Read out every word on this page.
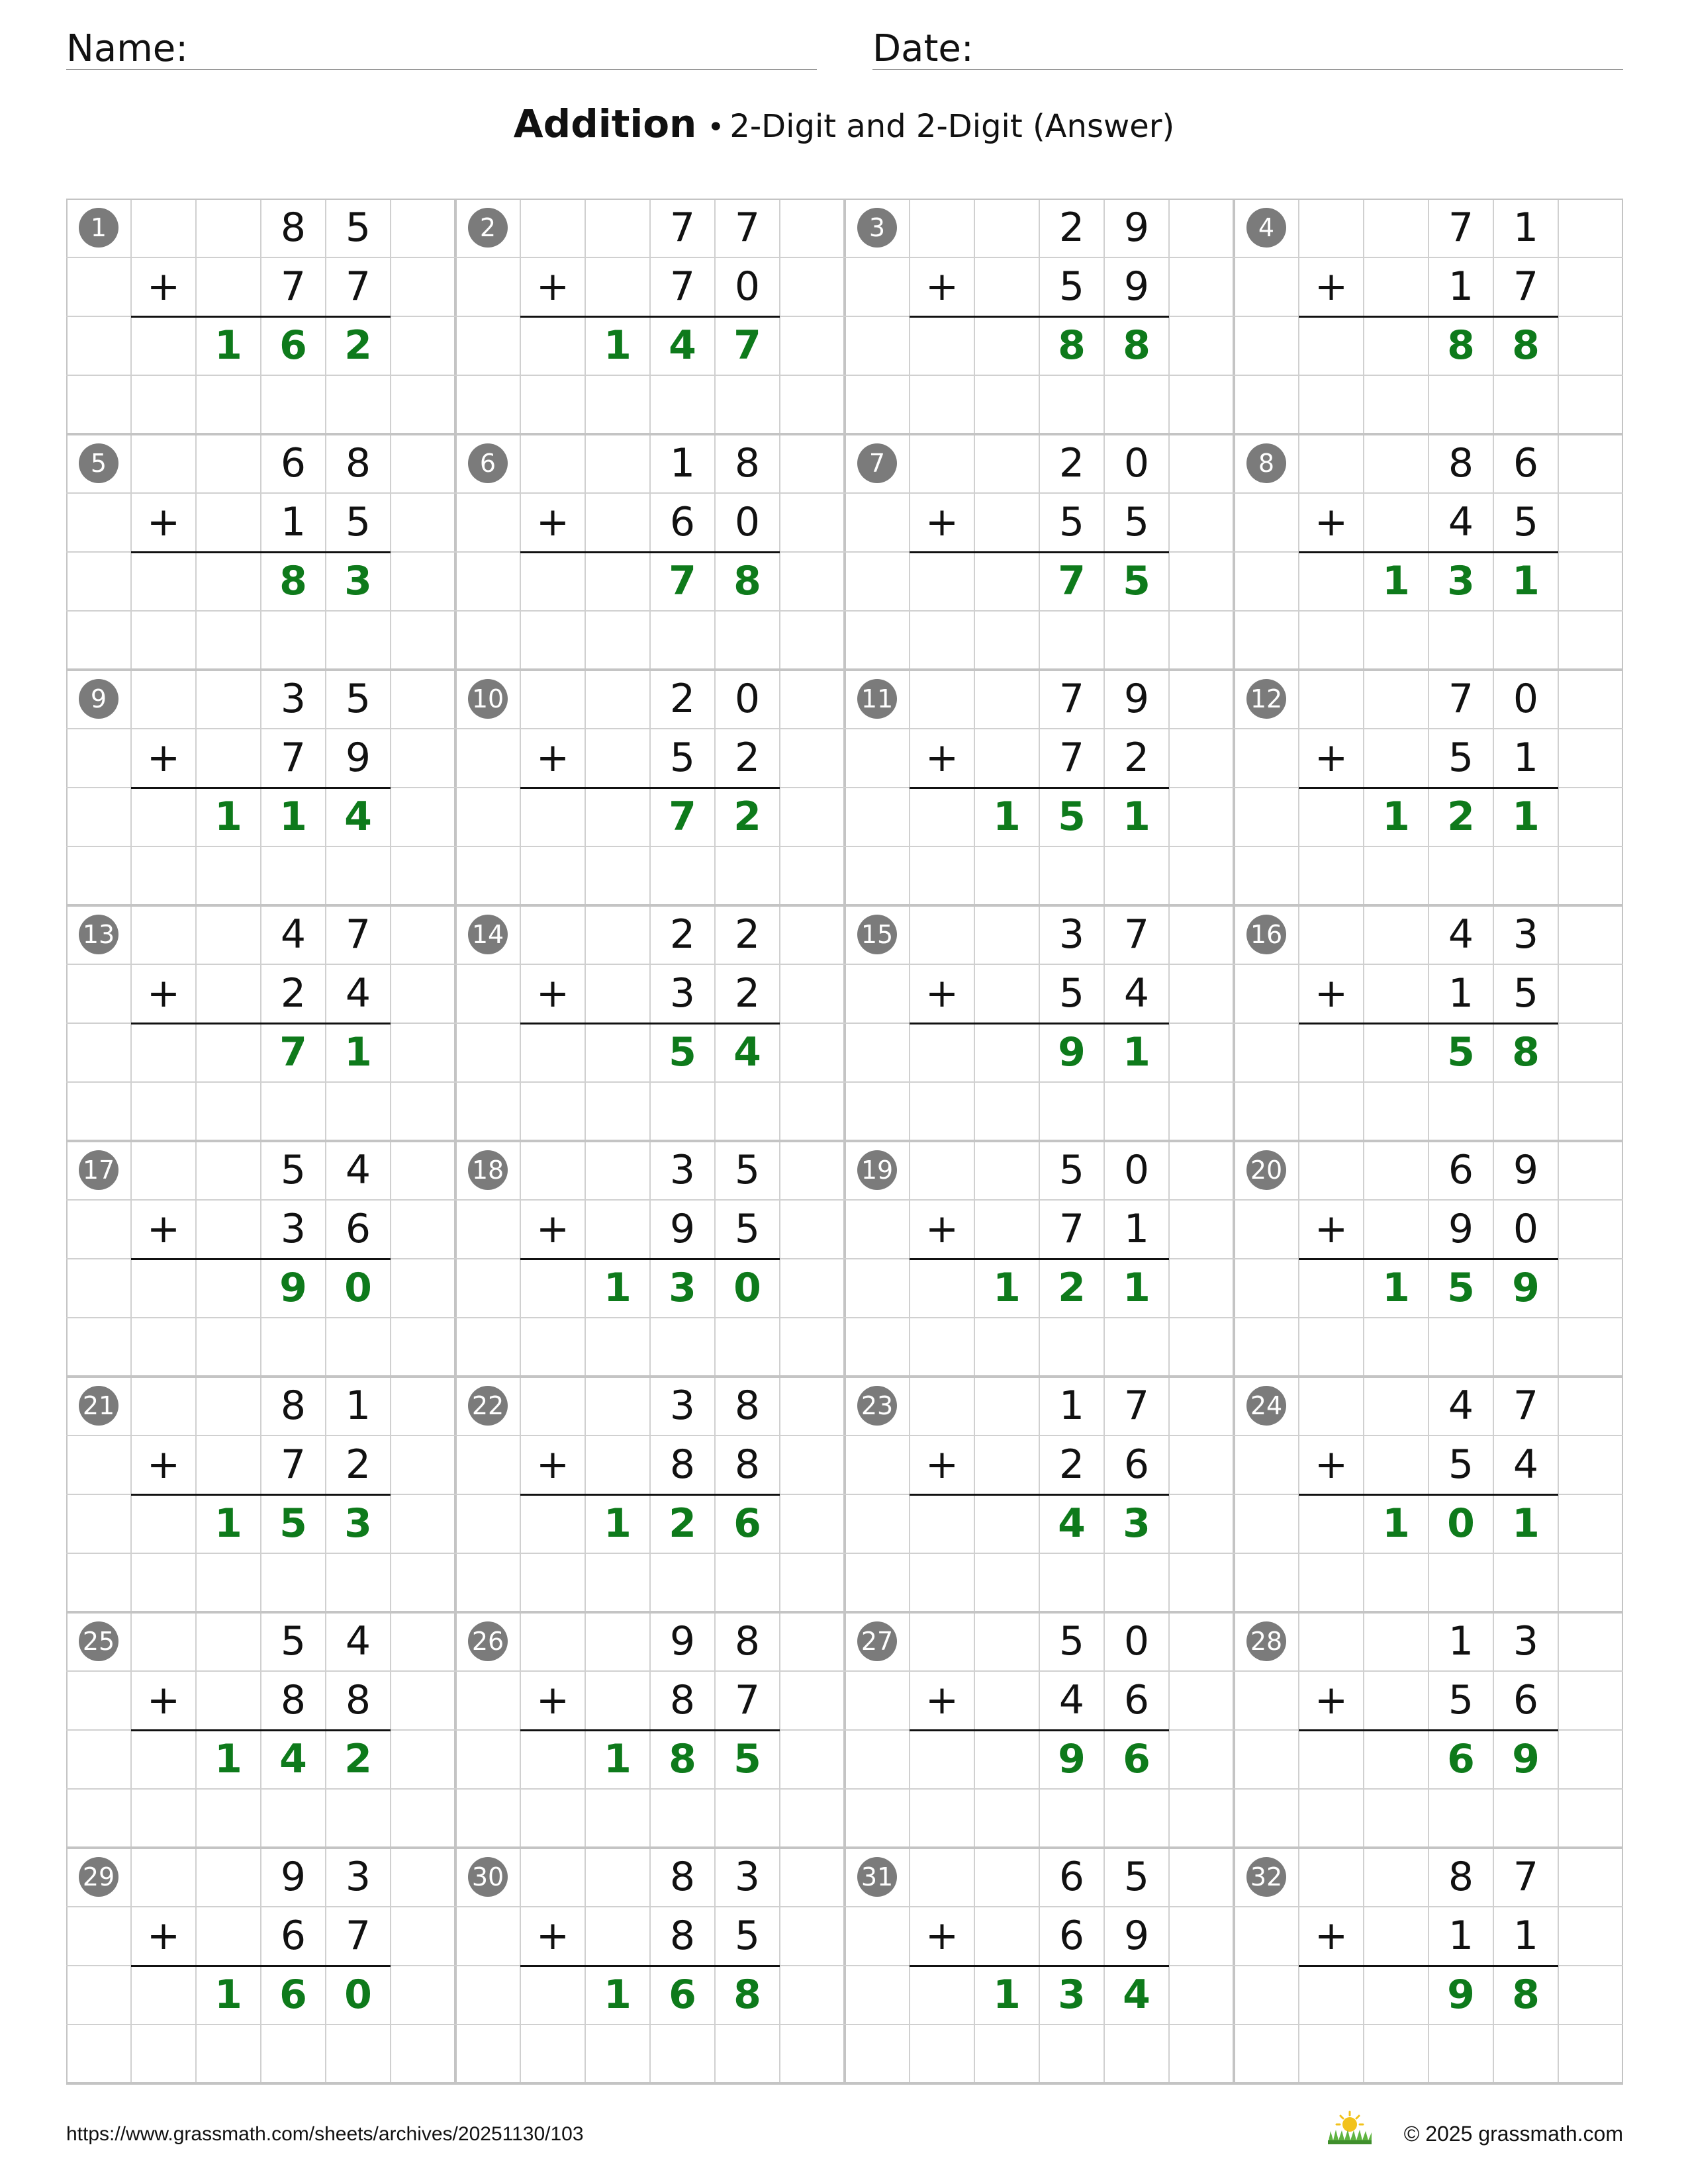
Name:	Date:
Addition • 2-Digit and 2-Digit (Answer)
1	8 5
+	7 7
1 6 2
2	7 7
+	7 0
1 4 7
3	2 9
+	5 9
8 8
4	7 1
+	1 7
8 8
5	6 8
+	1 5
8 3
6	1 8
+	6 0
7 8
7	2 0
+	5 5
7 5
8	8 6
+	4 5
1 3 1
9	3 5
+	7 9
1 1 4
10	2 0
+	5 2
7 2
11	7 9
+	7 2
1 5 1
12	7 0
+	5 1
1 2 1
13	4 7
+	2 4
7 1
14	2 2
+	3 2
5 4
15	3 7
+	5 4
9 1
16	4 3
+	1 5
5 8
17	5 4
+	3 6
9 0
18	3 5
+	9 5
1 3 0
19	5 0
+	7 1
1 2 1
20	6 9
+	9 0
1 5 9
21	8 1
+	7 2
1 5 3
22	3 8
+	8 8
1 2 6
23	1 7
+	2 6
4 3
24	4 7
+	5 4
1 0 1
25	5 4
+	8 8
1 4 2
26	9 8
+	8 7
1 8 5
27	5 0
+	4 6
9 6
28	1 3
+	5 6
6 9
29	9 3
+	6 7
1 6 0
30	8 3
+	8 5
1 6 8
31	6 5
+	6 9
1 3 4
32	8 7
+	1 1
9 8
https://www.grassmath.com/sheets/archives/20251130/103	© 2025 grassmath.com
